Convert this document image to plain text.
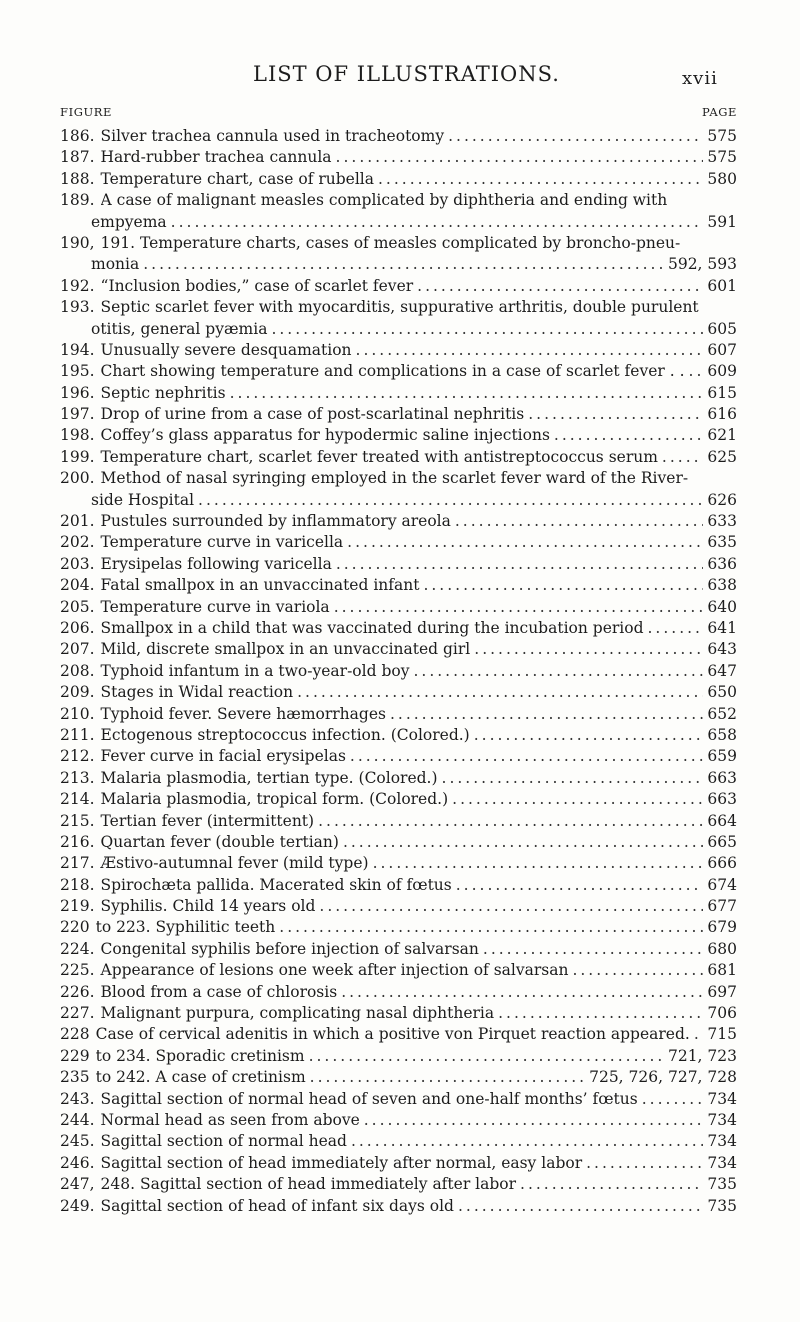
LIST OF ILLUSTRATIONS.	xvii
FIGURE	PAGE
186. Silver trachea cannula used in tracheotomy .....	575
187. Hard-rubber trachea cannula .....	575
188. Temperature chart, case of rubella .....	580
189. A case of malignant measles complicated by diphtheria and ending with
empyema .....	591
190, 191. Temperature charts, cases of measles complicated by broncho-pneu-
monia .....	592, 593
192. “Inclusion bodies,” case of scarlet fever .....	601
193. Septic scarlet fever with myocarditis, suppurative arthritis, double purulent
otitis, general pyæmia .....	605
194. Unusually severe desquamation .....	607
195. Chart showing temperature and complications in a case of scarlet fever . . ..... 609
196. Septic nephritis .....	615
197. Drop of urine from a case of post-scarlatinal nephritis .....	616
198. Coffey’s glass apparatus for hypodermic saline injections .....	621
199. Temperature chart, scarlet fever treated with antistreptococcus serum .....	625
200. Method of nasal syringing employed in the scarlet fever ward of the River-
side Hospital .....	626
201. Pustules surrounded by inflammatory areola .....	633
202. Temperature curve in varicella .....	635
203. Erysipelas following varicella .....	636
204. Fatal smallpox in an unvaccinated infant .....	638
205. Temperature curve in variola .....	640
206. Smallpox in a child that was vaccinated during the incubation period .....	641
207. Mild, discrete smallpox in an unvaccinated girl .....	643
208. Typhoid infantum in a two-year-old boy .....	647
209. Stages in Widal reaction .....	650
210. Typhoid fever. Severe hæmorrhages .....	652
211. Ectogenous streptococcus infection. (Colored.) .....	658
212. Fever curve in facial erysipelas .....	659
213. Malaria plasmodia, tertian type. (Colored.) .....	663
214. Malaria plasmodia, tropical form. (Colored.) .....	663
215. Tertian fever (intermittent) .....	664
216. Quartan fever (double tertian) .....	665
217. Æstivo-autumnal fever (mild type) .....	666
218. Spirochæta pallida. Macerated skin of fœtus .....	674
219. Syphilis. Child 14 years old .....	677
220 to 223. Syphilitic teeth .....	679
224. Congenital syphilis before injection of salvarsan .....	680
225. Appearance of lesions one week after injection of salvarsan .....	681
226. Blood from a case of chlorosis .....	697
227. Malignant purpura, complicating nasal diphtheria .....	706
228 Case of cervical adenitis in which a positive von Pirquet reaction appeared. ..... 715
229 to 234. Sporadic cretinism .....	721, 723
235 to 242. A case of cretinism .....	725, 726, 727, 728
243. Sagittal section of normal head of seven and one-half months’ fœtus .....	734
244. Normal head as seen from above .....	734
245. Sagittal section of normal head .....	734
246. Sagittal section of head immediately after normal, easy labor .....	734
247, 248. Sagittal section of head immediately after labor .....	735
249. Sagittal section of head of infant six days old .....	735
